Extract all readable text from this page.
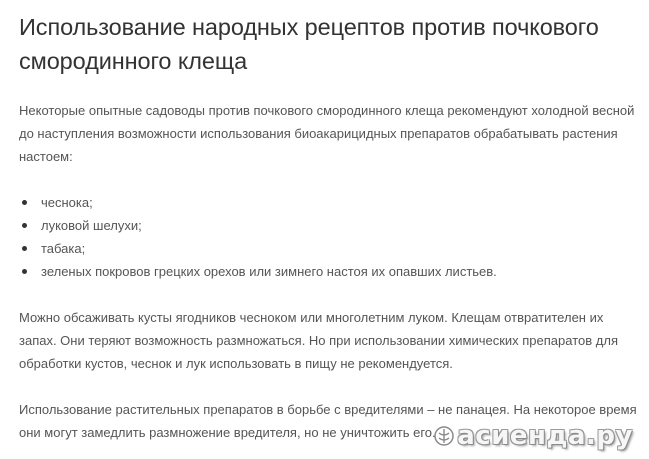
Использование народных рецептов против почкового смородинного клеща

Некоторые опытные садоводы против почкового смородинного клеща рекомендуют холодной весной до наступления возможности использования биоакарицидных препаратов обрабатывать растения настоем:

чеснока;
луковой шелухи;
табака;
зеленых покровов грецких орехов или зимнего настоя их опавших листьев.

Можно обсаживать кусты ягодников чесноком или многолетним луком. Клещам отвратителен их запах. Они теряют возможность размножаться. Но при использовании химических препаратов для обработки кустов, чеснок и лук использовать в пищу не рекомендуется.

Использование растительных препаратов в борьбе с вредителями – не панацея. На некоторое время они могут замедлить размножение вредителя, но не уничтожить его. асиенда.ру
